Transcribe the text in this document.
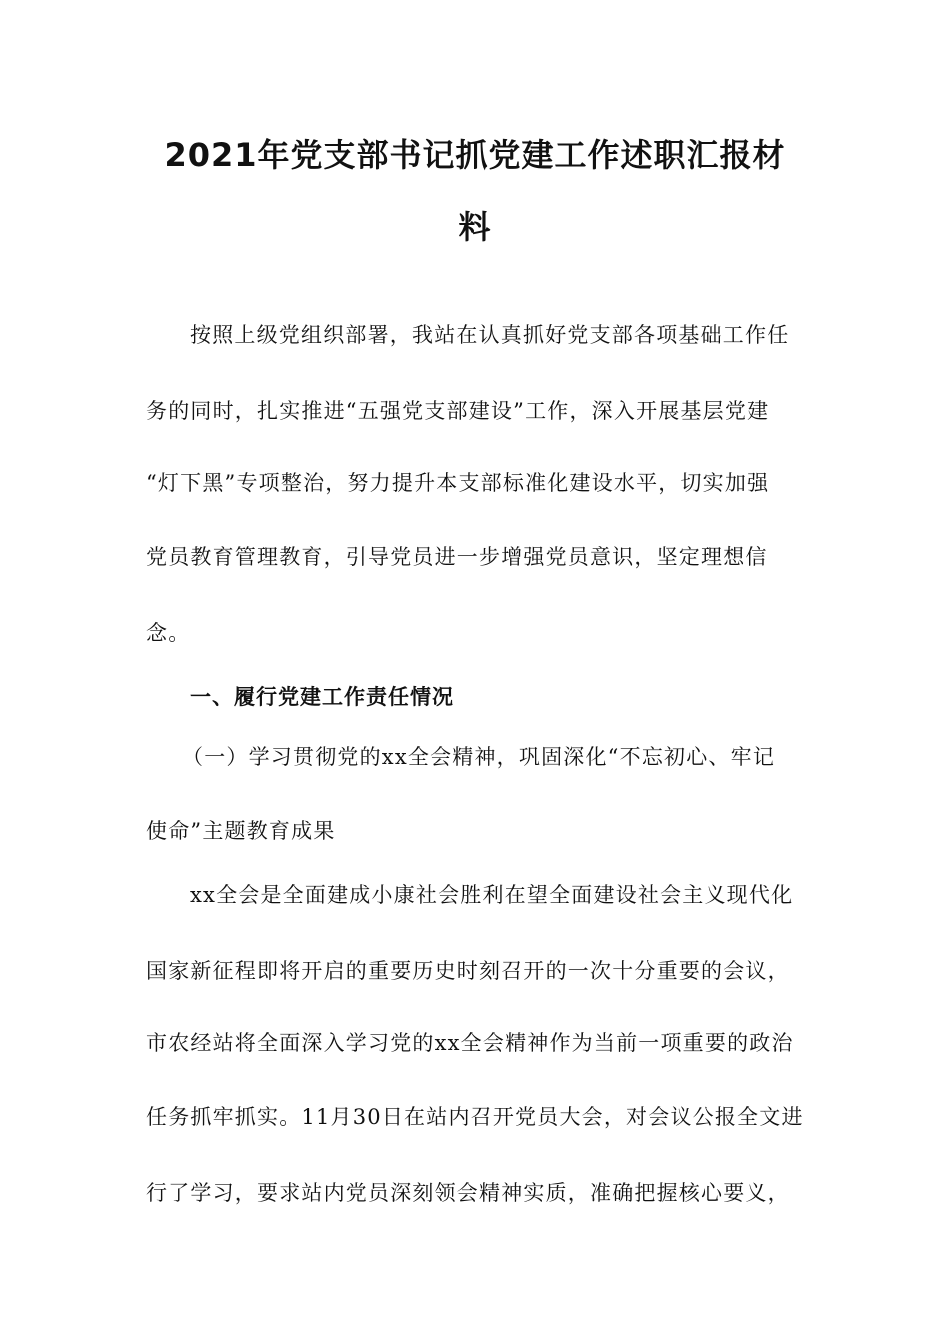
2021年党支部书记抓党建工作述职汇报材
料
按照上级党组织部署，我站在认真抓好党支部各项基础工作任
务的同时，扎实推进“五强党支部建设”工作，深入开展基层党建
“灯下黑”专项整治，努力提升本支部标准化建设水平，切实加强
党员教育管理教育，引导党员进一步增强党员意识，坚定理想信
念。
一、履行党建工作责任情况
（一）学习贯彻党的xx全会精神，巩固深化“不忘初心、牢记
使命”主题教育成果
xx全会是全面建成小康社会胜利在望全面建设社会主义现代化
国家新征程即将开启的重要历史时刻召开的一次十分重要的会议，
市农经站将全面深入学习党的xx全会精神作为当前一项重要的政治
任务抓牢抓实。11月30日在站内召开党员大会，对会议公报全文进
行了学习，要求站内党员深刻领会精神实质，准确把握核心要义，
